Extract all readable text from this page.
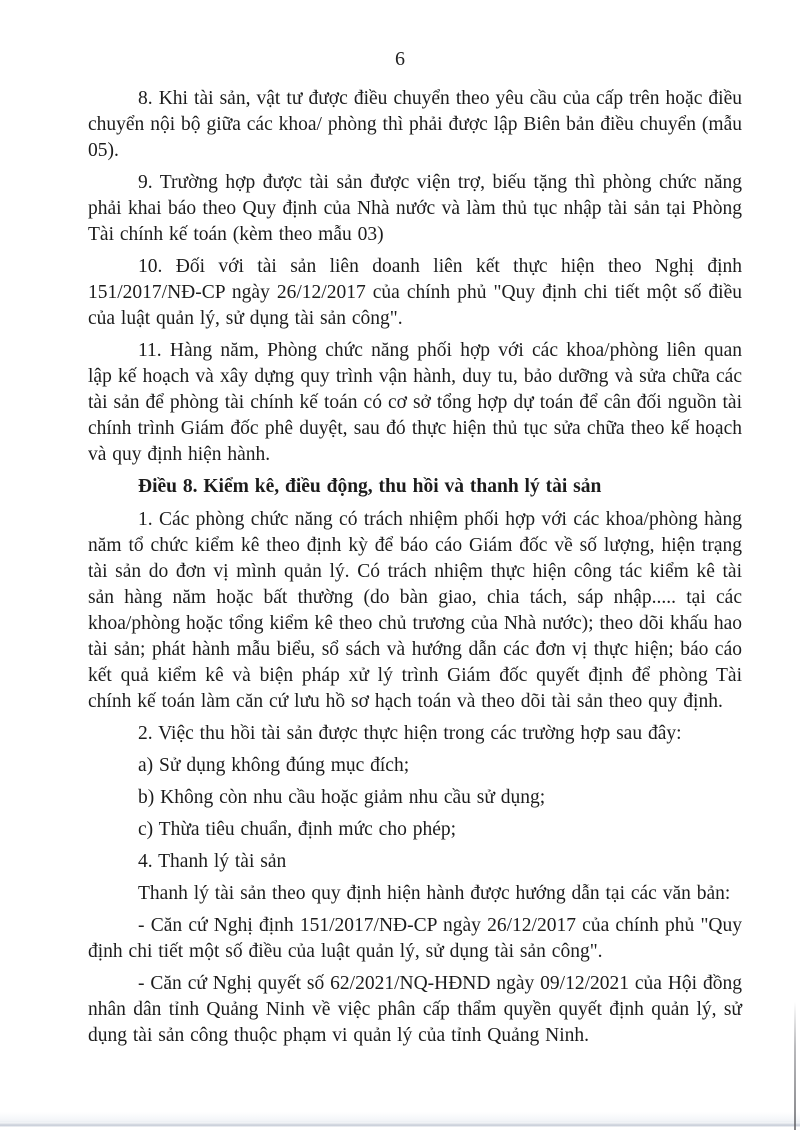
6

8. Khi tài sản, vật tư được điều chuyển theo yêu cầu của cấp trên hoặc điều chuyển nội bộ giữa các khoa/ phòng thì phải được lập Biên bản điều chuyển (mẫu 05).

9. Trường hợp được tài sản được viện trợ, biếu tặng thì phòng chức năng phải khai báo theo Quy định của Nhà nước và làm thủ tục nhập tài sản tại Phòng Tài chính kế toán (kèm theo mẫu 03)

10. Đối với tài sản liên doanh liên kết thực hiện theo Nghị định 151/2017/NĐ-CP ngày 26/12/2017 của chính phủ "Quy định chi tiết một số điều của luật quản lý, sử dụng tài sản công".

11. Hàng năm, Phòng chức năng phối hợp với các khoa/phòng liên quan lập kế hoạch và xây dựng quy trình vận hành, duy tu, bảo dưỡng và sửa chữa các tài sản để phòng tài chính kế toán có cơ sở tổng hợp dự toán để cân đối nguồn tài chính trình Giám đốc phê duyệt, sau đó thực hiện thủ tục sửa chữa theo kế hoạch và quy định hiện hành.

Điều 8. Kiểm kê, điều động, thu hồi và thanh lý tài sản

1. Các phòng chức năng có trách nhiệm phối hợp với các khoa/phòng hàng năm tổ chức kiểm kê theo định kỳ để báo cáo Giám đốc về số lượng, hiện trạng tài sản do đơn vị mình quản lý. Có trách nhiệm thực hiện công tác kiểm kê tài sản hàng năm hoặc bất thường (do bàn giao, chia tách, sáp nhập..... tại các khoa/phòng hoặc tổng kiểm kê theo chủ trương của Nhà nước); theo dõi khấu hao tài sản; phát hành mẫu biểu, sổ sách và hướng dẫn các đơn vị thực hiện; báo cáo kết quả kiểm kê và biện pháp xử lý trình Giám đốc quyết định để phòng Tài chính kế toán làm căn cứ lưu hồ sơ hạch toán và theo dõi tài sản theo quy định.

2. Việc thu hồi tài sản được thực hiện trong các trường hợp sau đây:

a) Sử dụng không đúng mục đích;

b) Không còn nhu cầu hoặc giảm nhu cầu sử dụng;

c) Thừa tiêu chuẩn, định mức cho phép;

4. Thanh lý tài sản

Thanh lý tài sản theo quy định hiện hành được hướng dẫn tại các văn bản:

- Căn cứ Nghị định 151/2017/NĐ-CP ngày 26/12/2017 của chính phủ "Quy định chi tiết một số điều của luật quản lý, sử dụng tài sản công".

- Căn cứ Nghị quyết số 62/2021/NQ-HĐND ngày 09/12/2021 của Hội đồng nhân dân tỉnh Quảng Ninh về việc phân cấp thẩm quyền quyết định quản lý, sử dụng tài sản công thuộc phạm vi quản lý của tỉnh Quảng Ninh.
